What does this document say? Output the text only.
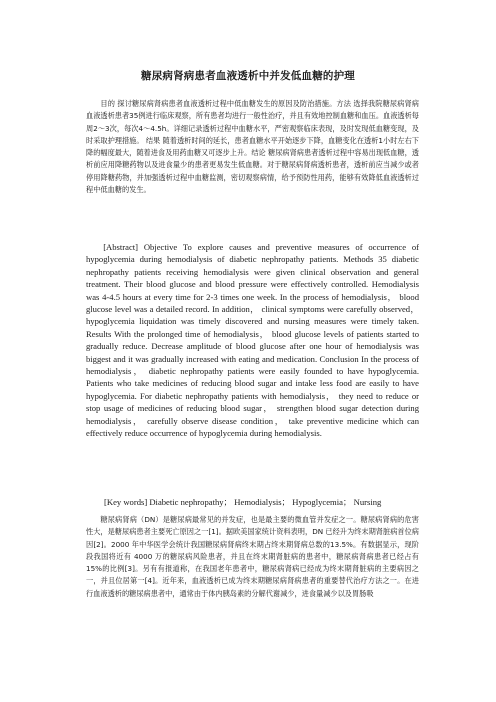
糖尿病肾病患者血液透析中并发低血糖的护理

目的 探讨糖尿病肾病患者血液透析过程中低血糖发生的原因及防治措施。方法 选择我院糖尿病肾病血液透析患者35例进行临床观察，所有患者均进行一般性治疗，并且有效地控制血糖和血压。血液透析每周2～3次，每次4～4.5h。详细记录透析过程中血糖水平，严密观察临床表现，及时发现低血糖变现，及时采取护理措施。 结果 随着透析时间的延长，患者血糖水平开始逐步下降，血糖变化在透析1小时左右下降的幅度最大，随着进食及用药血糖又可逐步上升。结论 糖尿病肾病患者透析过程中容易出现低血糖，透析前应用降糖药物以及进食量少的患者更易发生低血糖。对于糖尿病肾病透析患者，透析前应当减少或者停用降糖药物，并加强透析过程中血糖监测，密切观察病情，给予预防性用药，能够有效降低血液透析过程中低血糖的发生。

[Abstract] Objective To explore causes and preventive measures of occurrence of hypoglycemia during hemodialysis of diabetic nephropathy patients. Methods 35 diabetic nephropathy patients receiving hemodialysis were given clinical observation and general treatment. Their blood glucose and blood pressure were effectively controlled. Hemodialysis was 4-4.5 hours at every time for 2-3 times one week. In the process of hemodialysis， blood glucose level was a detailed record. In addition， clinical symptoms were carefully observed， hypoglycemia liquidation was timely discovered and nursing measures were timely taken. Results With the prolonged time of hemodialysis， blood glucose levels of patients started to gradually reduce. Decrease amplitude of blood glucose after one hour of hemodialysis was biggest and it was gradually increased with eating and medication. Conclusion In the process of hemodialysis， diabetic nephropathy patients were easily founded to have hypoglycemia. Patients who take medicines of reducing blood sugar and intake less food are easily to have hypoglycemia. For diabetic nephropathy patients with hemodialysis， they need to reduce or stop usage of medicines of reducing blood sugar， strengthen blood sugar detection during hemodialysis， carefully observe disease condition， take preventive medicine which can effectively reduce occurrence of hypoglycemia during hemodialysis.

[Key words] Diabetic nephropathy； Hemodialysis； Hypoglycemia； Nursing

糖尿病肾病（DN）是糖尿病最常见的并发症，也是最主要的微血管并发症之一。糖尿病肾病的危害性大，是糖尿病患者主要死亡原因之一[1]。据欧美国家统计资料表明，DN 已经升为终末期肾脏病首位病因[2]。2000 年中华医学会统计我国糖尿病肾病终末期占终末期肾病总数的13.5%。有数据显示，现阶段我国将近有 4000 万的糖尿病风险患者，并且在终末期肾脏病的患者中，糖尿病肾病患者已经占有 15%的比例[3]。另有有报道称，在我国老年患者中，糖尿病肾病已经成为终末期肾脏病的主要病因之一，并且位居第一[4]。近年来，血液透析已成为终末期糖尿病肾病患者的重要替代治疗方法之一。在进行血液透析的糖尿病患者中，通常由于体内胰岛素的分解代谢减少，进食量减少以及胃肠吸
